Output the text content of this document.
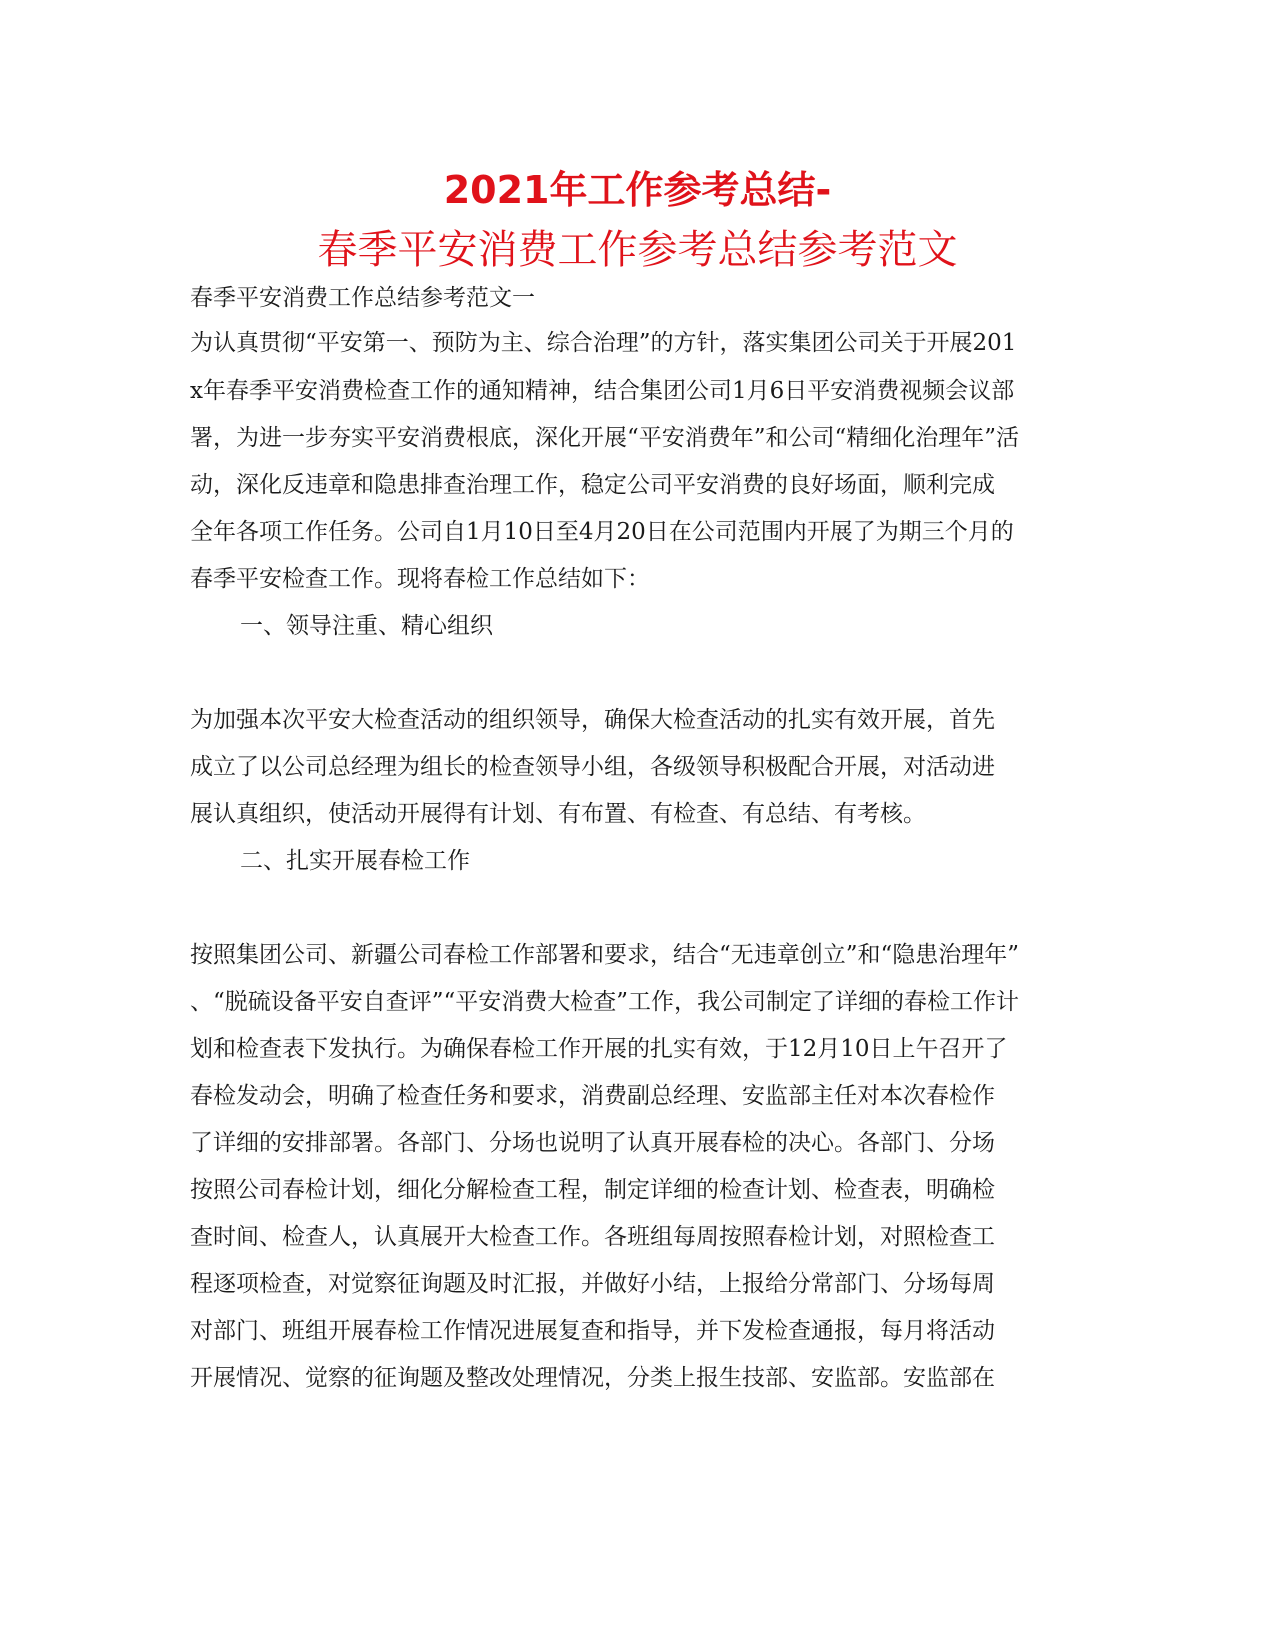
2021年工作参考总结-
春季平安消费工作参考总结参考范文
春季平安消费工作总结参考范文一
为认真贯彻“平安第一、预防为主、综合治理”的方针，落实集团公司关于开展201
x年春季平安消费检查工作的通知精神，结合集团公司1月6日平安消费视频会议部
署，为进一步夯实平安消费根底，深化开展“平安消费年”和公司“精细化治理年”活
动，深化反违章和隐患排查治理工作，稳定公司平安消费的良好场面，顺利完成
全年各项工作任务。公司自1月10日至4月20日在公司范围内开展了为期三个月的
春季平安检查工作。现将春检工作总结如下：
一、领导注重、精心组织
为加强本次平安大检查活动的组织领导，确保大检查活动的扎实有效开展，首先
成立了以公司总经理为组长的检查领导小组，各级领导积极配合开展，对活动进
展认真组织，使活动开展得有计划、有布置、有检查、有总结、有考核。
二、扎实开展春检工作
按照集团公司、新疆公司春检工作部署和要求，结合“无违章创立”和“隐患治理年”
、“脱硫设备平安自查评”“平安消费大检查”工作，我公司制定了详细的春检工作计
划和检查表下发执行。为确保春检工作开展的扎实有效，于12月10日上午召开了
春检发动会，明确了检查任务和要求，消费副总经理、安监部主任对本次春检作
了详细的安排部署。各部门、分场也说明了认真开展春检的决心。各部门、分场
按照公司春检计划，细化分解检查工程，制定详细的检查计划、检查表，明确检
查时间、检查人，认真展开大检查工作。各班组每周按照春检计划，对照检查工
程逐项检查，对觉察征询题及时汇报，并做好小结，上报给分常部门、分场每周
对部门、班组开展春检工作情况进展复查和指导，并下发检查通报，每月将活动
开展情况、觉察的征询题及整改处理情况，分类上报生技部、安监部。安监部在
